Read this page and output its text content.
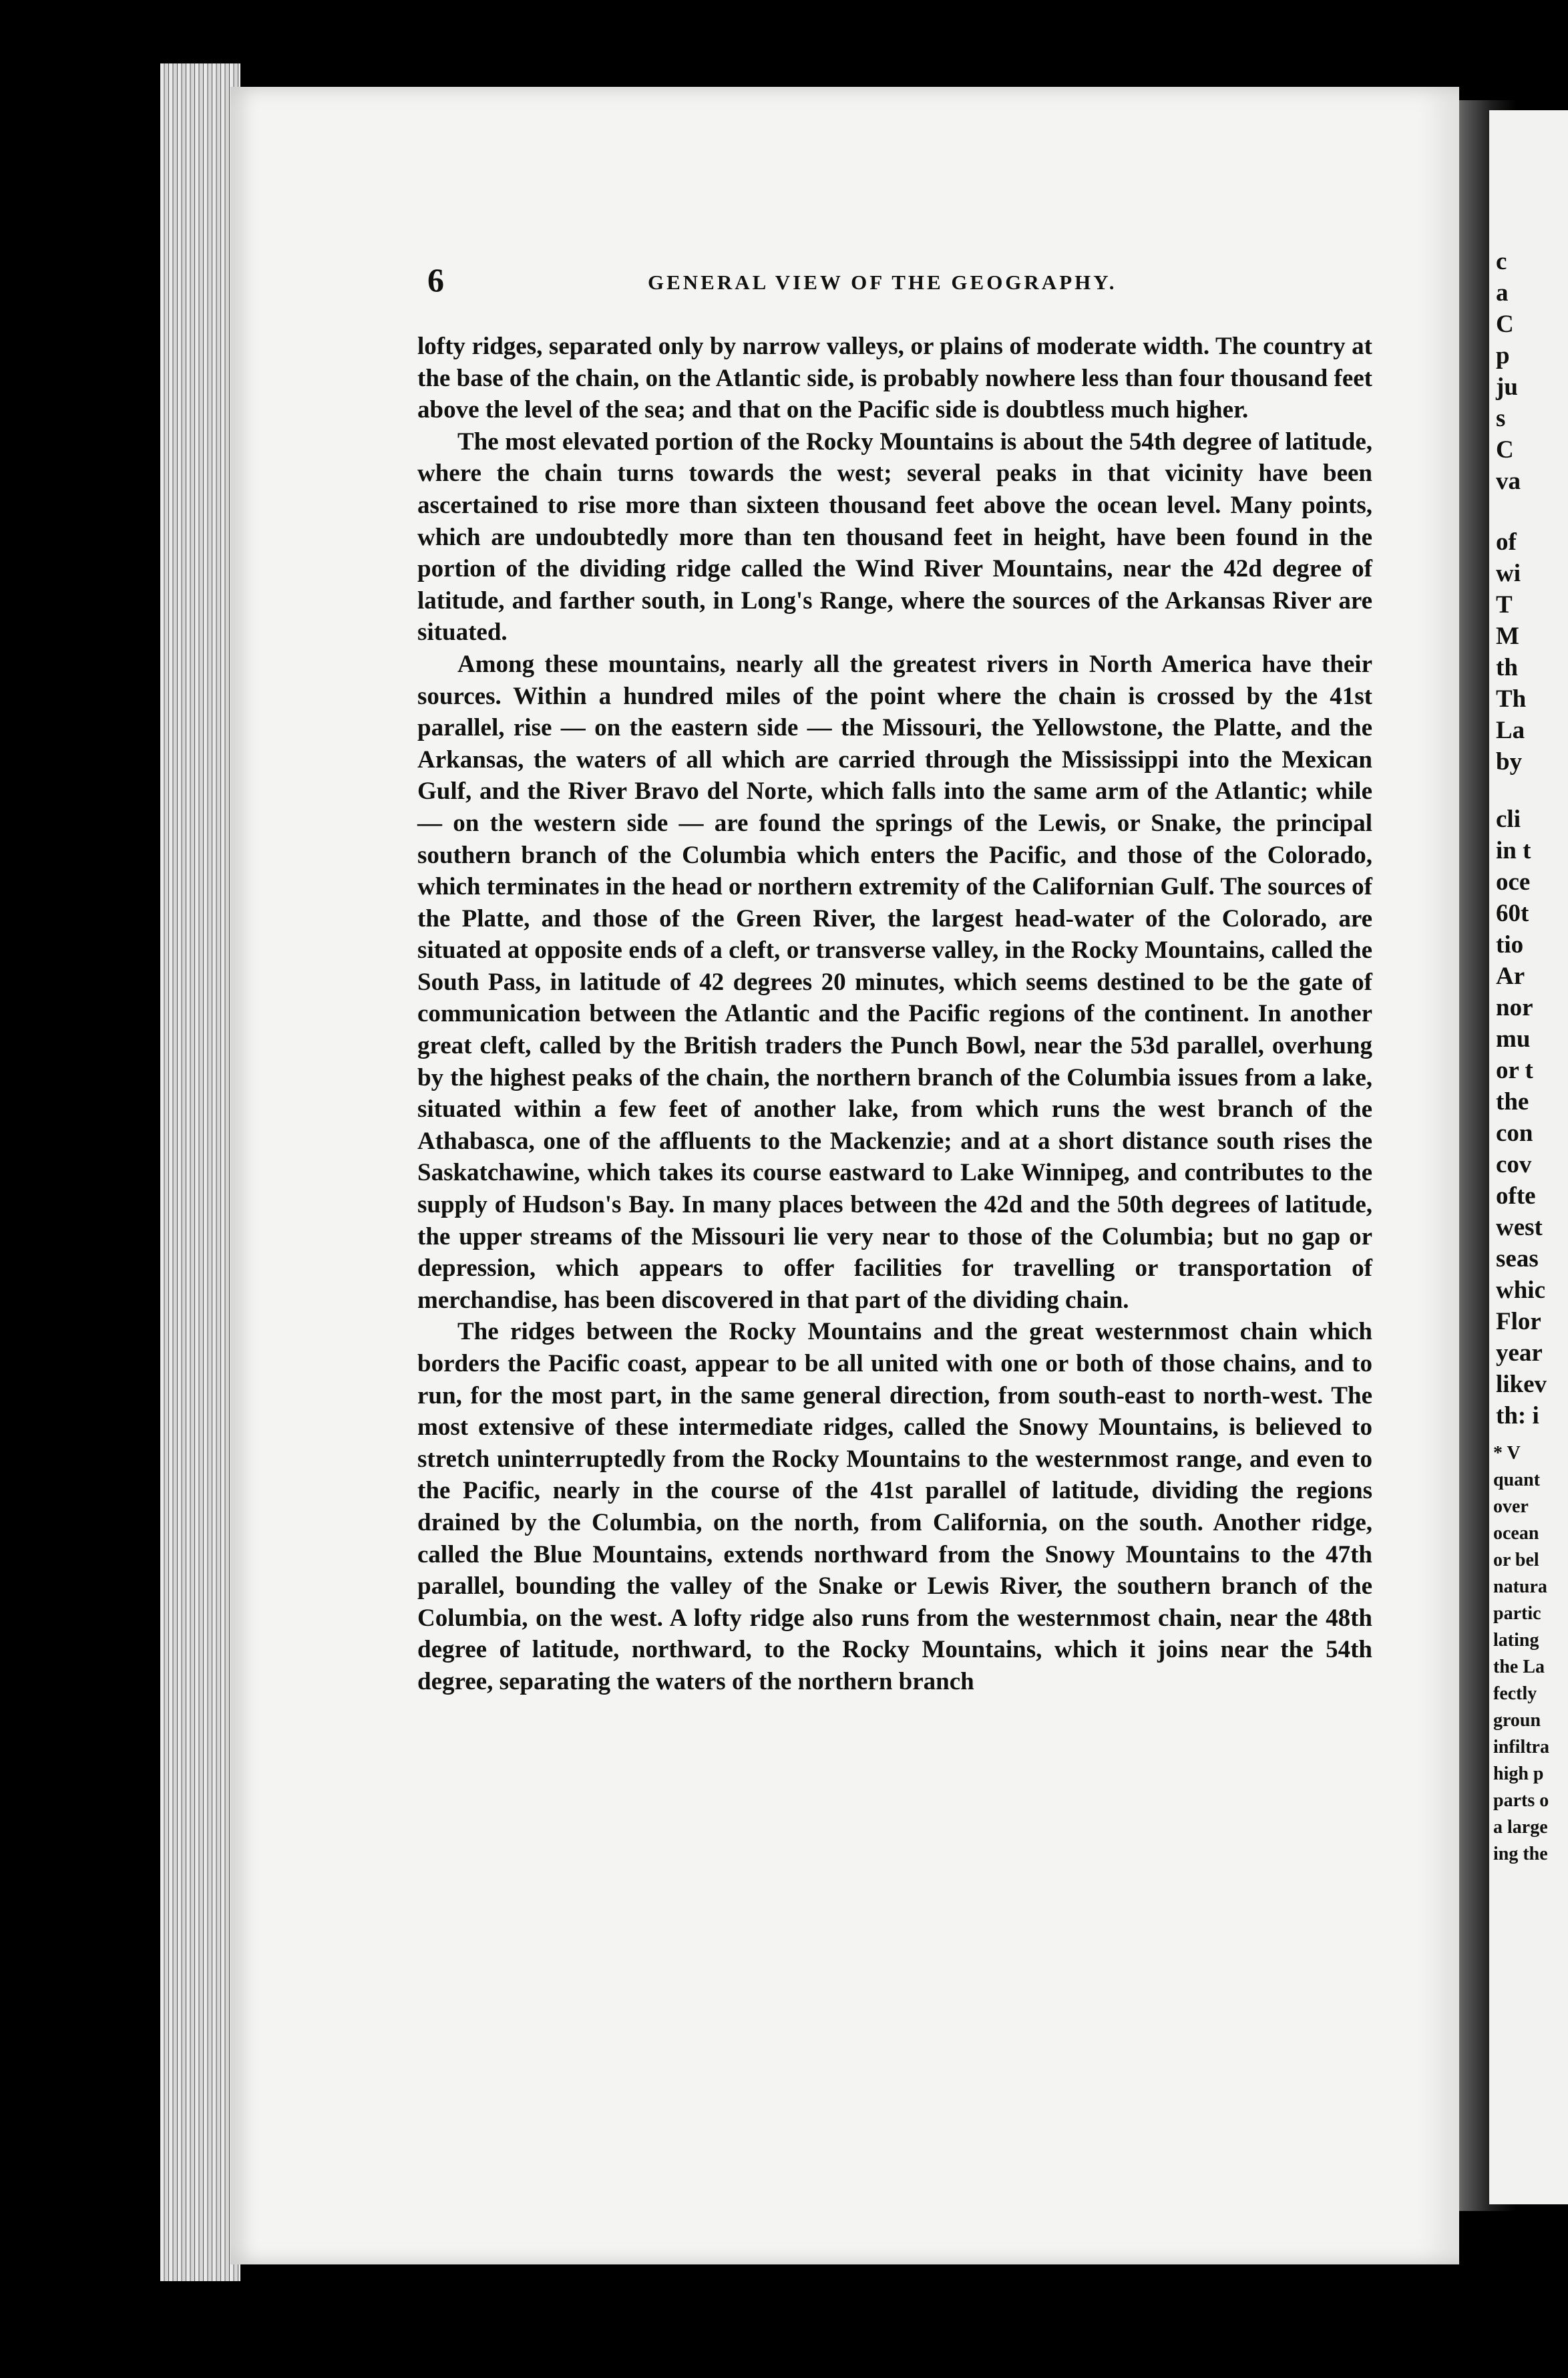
c
a
C
p
ju
s
C
va
of
wi
T
M
th
Th
La
by
cli
in t
oce
60t
tio
Ar
nor
mu
or t
the
con
cov
ofte
west
seas
whic
Flor
year
likev
th: i
* V
quant
over
ocean
or bel
natura
partic
lating
the La
fectly
groun
infiltra
high p
parts o
a large
ing the
6	GENERAL VIEW OF THE GEOGRAPHY.

lofty ridges, separated only by narrow valleys, or plains of moderate width. The country at the base of the chain, on the Atlantic side, is probably nowhere less than four thousand feet above the level of the sea; and that on the Pacific side is doubtless much higher.

The most elevated portion of the Rocky Mountains is about the 54th degree of latitude, where the chain turns towards the west; several peaks in that vicinity have been ascertained to rise more than sixteen thousand feet above the ocean level. Many points, which are undoubtedly more than ten thousand feet in height, have been found in the portion of the dividing ridge called the Wind River Mountains, near the 42d degree of latitude, and farther south, in Long's Range, where the sources of the Arkansas River are situated.

Among these mountains, nearly all the greatest rivers in North America have their sources. Within a hundred miles of the point where the chain is crossed by the 41st parallel, rise — on the eastern side — the Missouri, the Yellowstone, the Platte, and the Arkansas, the waters of all which are carried through the Mississippi into the Mexican Gulf, and the River Bravo del Norte, which falls into the same arm of the Atlantic; while — on the western side — are found the springs of the Lewis, or Snake, the principal southern branch of the Columbia which enters the Pacific, and those of the Colorado, which terminates in the head or northern extremity of the Californian Gulf. The sources of the Platte, and those of the Green River, the largest head-water of the Colorado, are situated at opposite ends of a cleft, or transverse valley, in the Rocky Mountains, called the South Pass, in latitude of 42 degrees 20 minutes, which seems destined to be the gate of communication between the Atlantic and the Pacific regions of the continent. In another great cleft, called by the British traders the Punch Bowl, near the 53d parallel, overhung by the highest peaks of the chain, the northern branch of the Columbia issues from a lake, situated within a few feet of another lake, from which runs the west branch of the Athabasca, one of the affluents to the Mackenzie; and at a short distance south rises the Saskatchawine, which takes its course eastward to Lake Winnipeg, and contributes to the supply of Hudson's Bay. In many places between the 42d and the 50th degrees of latitude, the upper streams of the Missouri lie very near to those of the Columbia; but no gap or depression, which appears to offer facilities for travelling or transportation of merchandise, has been discovered in that part of the dividing chain.

The ridges between the Rocky Mountains and the great westernmost chain which borders the Pacific coast, appear to be all united with one or both of those chains, and to run, for the most part, in the same general direction, from south-east to north-west. The most extensive of these intermediate ridges, called the Snowy Mountains, is believed to stretch uninterruptedly from the Rocky Mountains to the westernmost range, and even to the Pacific, nearly in the course of the 41st parallel of latitude, dividing the regions drained by the Columbia, on the north, from California, on the south. Another ridge, called the Blue Mountains, extends northward from the Snowy Mountains to the 47th parallel, bounding the valley of the Snake or Lewis River, the southern branch of the Columbia, on the west. A lofty ridge also runs from the westernmost chain, near the 48th degree of latitude, northward, to the Rocky Mountains, which it joins near the 54th degree, separating the waters of the northern branch
